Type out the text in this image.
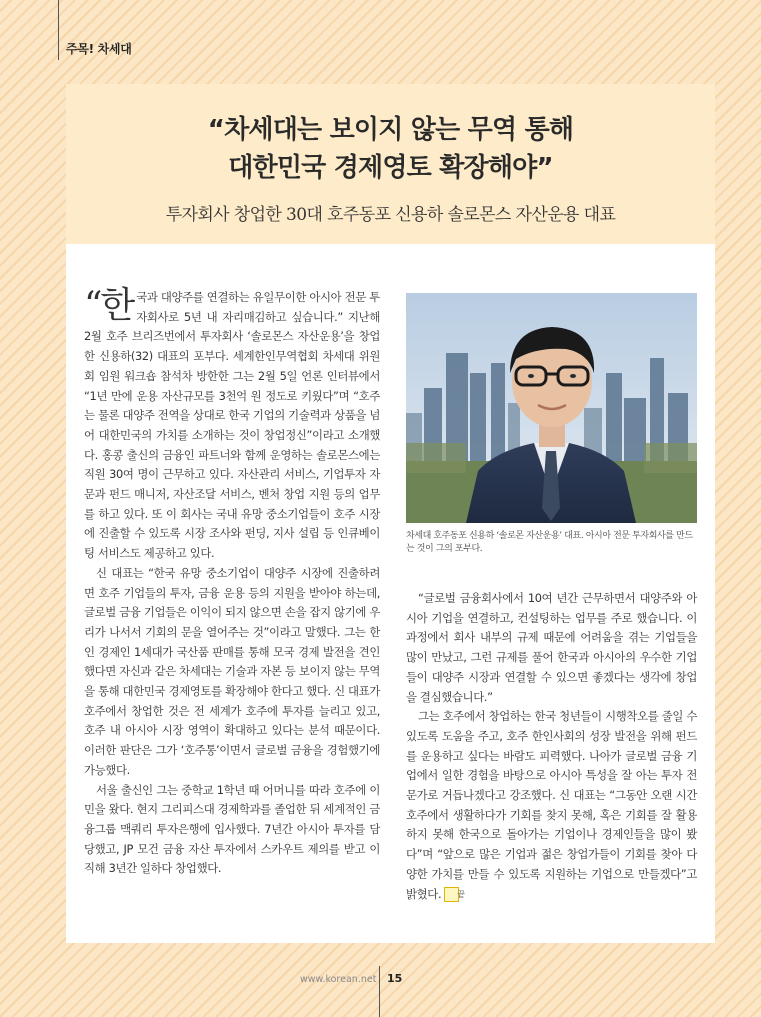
주목! 차세대
“차세대는 보이지 않는 무역 통해
대한민국 경제영토 확장해야”
투자회사 창업한 30대 호주동포 신용하 솔로몬스 자산운용 대표

“한국과 대양주를 연결하는 유일무이한 아시아 전문 투자회사로 5년 내 자리매김하고 싶습니다.” 지난해 2월 호주 브리즈번에서 투자회사 ‘솔로몬스 자산운용’을 창업한 신용하(32) 대표의 포부다. 세계한인무역협회 차세대 위원회 임원 워크숍 참석차 방한한 그는 2월 5일 언론 인터뷰에서 “1년 만에 운용 자산규모를 3천억 원 정도로 키웠다”며 “호주는 물론 대양주 전역을 상대로 한국 기업의 기술력과 상품을 넘어 대한민국의 가치를 소개하는 것이 창업정신”이라고 소개했다. 홍콩 출신의 금융인 파트너와 함께 운영하는 솔로몬스에는 직원 30여 명이 근무하고 있다. 자산관리 서비스, 기업투자 자문과 펀드 매니저, 자산조달 서비스, 벤처 창업 지원 등의 업무를 하고 있다. 또 이 회사는 국내 유망 중소기업들이 호주 시장에 진출할 수 있도록 시장 조사와 펀딩, 지사 설립 등 인큐베이팅 서비스도 제공하고 있다.

신 대표는 “한국 유망 중소기업이 대양주 시장에 진출하려면 호주 기업들의 투자, 금융 운용 등의 지원을 받아야 하는데, 글로벌 금융 기업들은 이익이 되지 않으면 손을 잡지 않기에 우리가 나서서 기회의 문을 열어주는 것”이라고 말했다. 그는 한인 경제인 1세대가 국산품 판매를 통해 모국 경제 발전을 견인했다면 자신과 같은 차세대는 기술과 자본 등 보이지 않는 무역을 통해 대한민국 경제영토를 확장해야 한다고 했다. 신 대표가 호주에서 창업한 것은 전 세계가 호주에 투자를 늘리고 있고, 호주 내 아시아 시장 영역이 확대하고 있다는 분석 때문이다. 이러한 판단은 그가 ‘호주통’이면서 글로벌 금융을 경험했기에 가능했다.

서울 출신인 그는 중학교 1학년 때 어머니를 따라 호주에 이민을 왔다. 현지 그리피스대 경제학과를 졸업한 뒤 세계적인 금융그룹 맥쿼리 투자은행에 입사했다. 7년간 아시아 투자를 담당했고, JP 모건 금융 자산 투자에서 스카우트 제의를 받고 이직해 3년간 일하다 창업했다.

차세대 호주동포 신용하 ‘솔로몬 자산운용’ 대표. 아시아 전문 투자회사를 만드는 것이 그의 포부다.

“글로벌 금융회사에서 10여 년간 근무하면서 대양주와 아시아 기업을 연결하고, 컨설팅하는 업무를 주로 했습니다. 이 과정에서 회사 내부의 규제 때문에 어려움을 겪는 기업들을 많이 만났고, 그런 규제를 풀어 한국과 아시아의 우수한 기업들이 대양주 시장과 연결할 수 있으면 좋겠다는 생각에 창업을 결심했습니다.”

그는 호주에서 창업하는 한국 청년들이 시행착오를 줄일 수 있도록 도움을 주고, 호주 한인사회의 성장 발전을 위해 펀드를 운용하고 싶다는 바람도 피력했다. 나아가 글로벌 금융 기업에서 일한 경험을 바탕으로 아시아 특성을 잘 아는 투자 전문가로 거듭나겠다고 강조했다. 신 대표는 “그동안 오랜 시간 호주에서 생활하다가 기회를 찾지 못해, 혹은 기회를 잘 활용하지 못해 한국으로 돌아가는 기업이나 경제인들을 많이 봤다”며 “앞으로 많은 기업과 젊은 창업가들이 기회를 찾아 다양한 가치를 만들 수 있도록 지원하는 기업으로 만들겠다”고 밝혔다. 끝

www.korean.net 15
